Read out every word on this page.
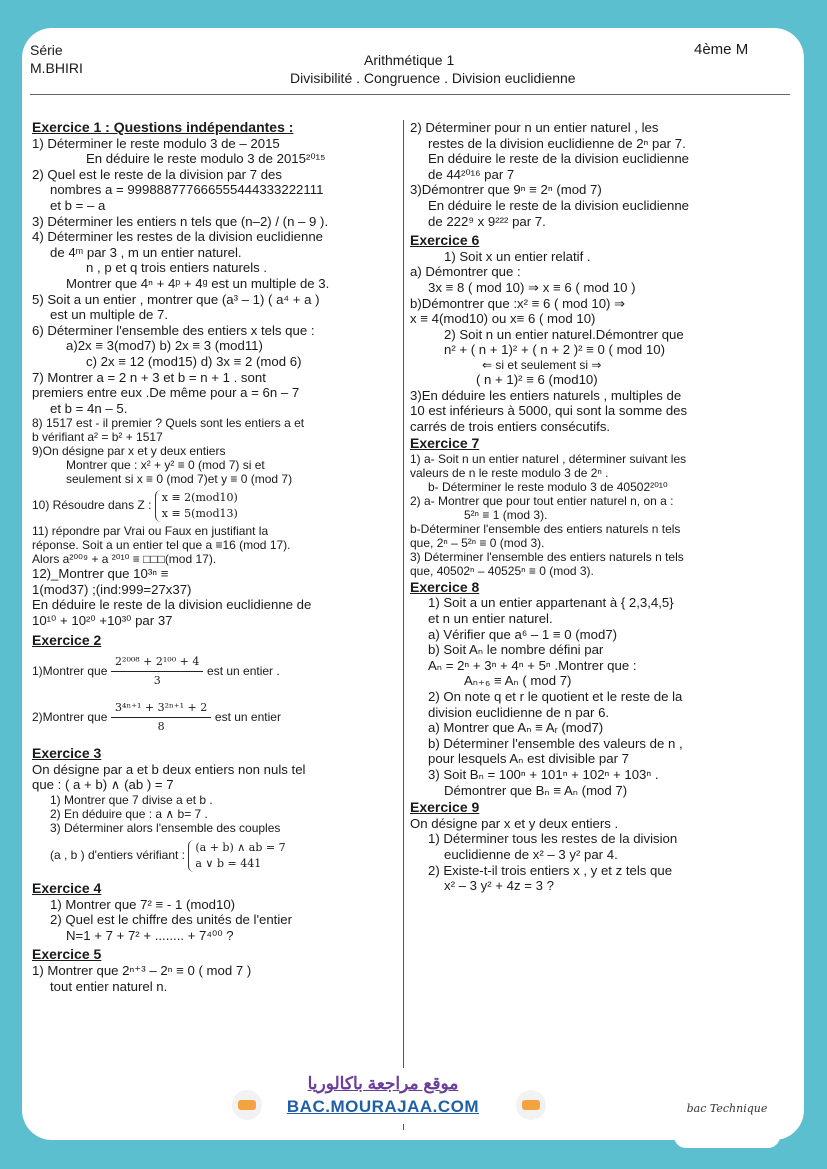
Série
M.BHIRI	Arithmétique 1
Divisibilité . Congruence . Division euclidienne
4ème M
Exercice 1 : Questions indépendantes :
1) Déterminer le reste modulo 3 de – 2015
En déduire le reste modulo 3 de 2015²⁰¹⁵
2) Quel est le reste de la division par 7 des
nombres a = 999888777666555444333222111
et b = – a
3) Déterminer les entiers n tels que (n–2) / (n – 9 ).
4) Déterminer les restes de la division euclidienne
de 4ᵐ par 3 , m un entier naturel.
n , p et q trois entiers naturels .
Montrer que 4ⁿ + 4ᵖ + 4ᵍ est un multiple de 3.
5) Soit a un entier , montrer que (a³ – 1) ( a⁴ + a )
est un multiple de 7.
6) Déterminer l'ensemble des entiers x tels que :
a)2x ≡ 3(mod7) b) 2x ≡ 3 (mod11)
c) 2x ≡ 12 (mod15) d) 3x ≡ 2 (mod 6)
7) Montrer a = 2 n + 3 et b = n + 1 . sont
premiers entre eux .De même pour a = 6n – 7
et b = 4n – 5.
8) 1517 est - il premier ? Quels sont les entiers a et
b vérifiant a² = b² + 1517
9)On désigne par x et y deux entiers
Montrer que : x² + y² ≡ 0 (mod 7) si et
seulement si x ≡ 0 (mod 7)et y ≡ 0 (mod 7)
10) Résoudre dans Z :
x ≡ 2(mod10)
x ≡ 5(mod13)
11) répondre par Vrai ou Faux en justifiant la
réponse. Soit a un entier tel que a ≡16 (mod 17).
Alors a²⁰⁰⁹ + a ²⁰¹⁰ ≡ □□□(mod 17).
12)_Montrer que 10³ⁿ ≡
1(mod37) ;(ind:999=27x37)
En déduire le reste de la division euclidienne de
10¹⁰ + 10²⁰ +10³⁰ par 37
Exercice 2
1)Montrer que $\frac{\text{2²⁰⁰⁸ + 2¹⁰⁰ + 4}}{3}$ est un entier .
2)Montrer que $\frac{\text{3⁴ⁿ⁺¹ + 3²ⁿ⁺¹ + 2}}{8}$ est un entier
Exercice 3
On désigne par a et b deux entiers non nuls tel
que : ( a + b) ∧ (ab ) = 7
1) Montrer que 7 divise a et b .
2) En déduire que : a ∧ b= 7 .
3) Déterminer alors l'ensemble des couples
(a , b ) d'entiers vérifiant :
(a + b) ∧ ab = 7
a ∨ b = 441
Exercice 4
1) Montrer que 7² ≡ - 1 (mod10)
2) Quel est le chiffre des unités de l'entier
N=1 + 7 + 7² + ........ + 7⁴⁰⁰ ?
Exercice 5
1) Montrer que 2ⁿ⁺³ – 2ⁿ ≡ 0 ( mod 7 )
tout entier naturel n.
2) Déterminer pour n un entier naturel , les
restes de la division euclidienne de 2ⁿ par 7.
En déduire le reste de la division euclidienne
de 44²⁰¹⁶ par 7
3)Démontrer que 9ⁿ ≡ 2ⁿ (mod 7)
En déduire le reste de la division euclidienne
de 222⁹ x 9²²² par 7.
Exercice 6
1) Soit x un entier relatif .
a) Démontrer que :
3x ≡ 8 ( mod 10) ⇒ x ≡ 6 ( mod 10 )
b)Démontrer que :x² ≡ 6 ( mod 10) ⇒
x ≡ 4(mod10) ou x≡ 6 ( mod 10)
2) Soit n un entier naturel.Démontrer que
n² + ( n + 1)² + ( n + 2 )² ≡ 0 ( mod 10)
⇐ si et seulement si ⇒
( n + 1)² ≡ 6 (mod10)
3)En déduire les entiers naturels , multiples de
10 est inférieurs à 5000, qui sont la somme des
carrés de trois entiers consécutifs.
Exercice 7
1) a- Soit n un entier naturel , déterminer suivant les
valeurs de n le reste modulo 3 de 2ⁿ .
b- Déterminer le reste modulo 3 de 40502²⁰¹⁰
2) a- Montrer que pour tout entier naturel n, on a :
5²ⁿ ≡ 1 (mod 3).
b-Déterminer l'ensemble des entiers naturels n tels
que, 2ⁿ – 5²ⁿ ≡ 0 (mod 3).
3) Déterminer l'ensemble des entiers naturels n tels
que, 40502ⁿ – 40525ⁿ ≡ 0 (mod 3).
Exercice 8
1) Soit a un entier appartenant à { 2,3,4,5}
et n un entier naturel.
a) Vérifier que a⁶ – 1 ≡ 0 (mod7)
b) Soit Aₙ le nombre défini par
Aₙ = 2ⁿ + 3ⁿ + 4ⁿ + 5ⁿ .Montrer que :
Aₙ₊₆ ≡ Aₙ ( mod 7)
2) On note q et r le quotient et le reste de la
division euclidienne de n par 6.
a) Montrer que Aₙ ≡ Aᵣ (mod7)
b) Déterminer l'ensemble des valeurs de n ,
pour lesquels Aₙ est divisible par 7
3) Soit Bₙ = 100ⁿ + 101ⁿ + 102ⁿ + 103ⁿ .
Démontrer que Bₙ ≡ Aₙ (mod 7)
Exercice 9
On désigne par x et y deux entiers .
1) Déterminer tous les restes de la division
euclidienne de x² – 3 y² par 4.
2) Existe-t-il trois entiers x , y et z tels que
x² – 3 y² + 4z = 3 ?
موقع مراجعة باكالوريا
BAC.MOURAJAA.COM	bac Technique
